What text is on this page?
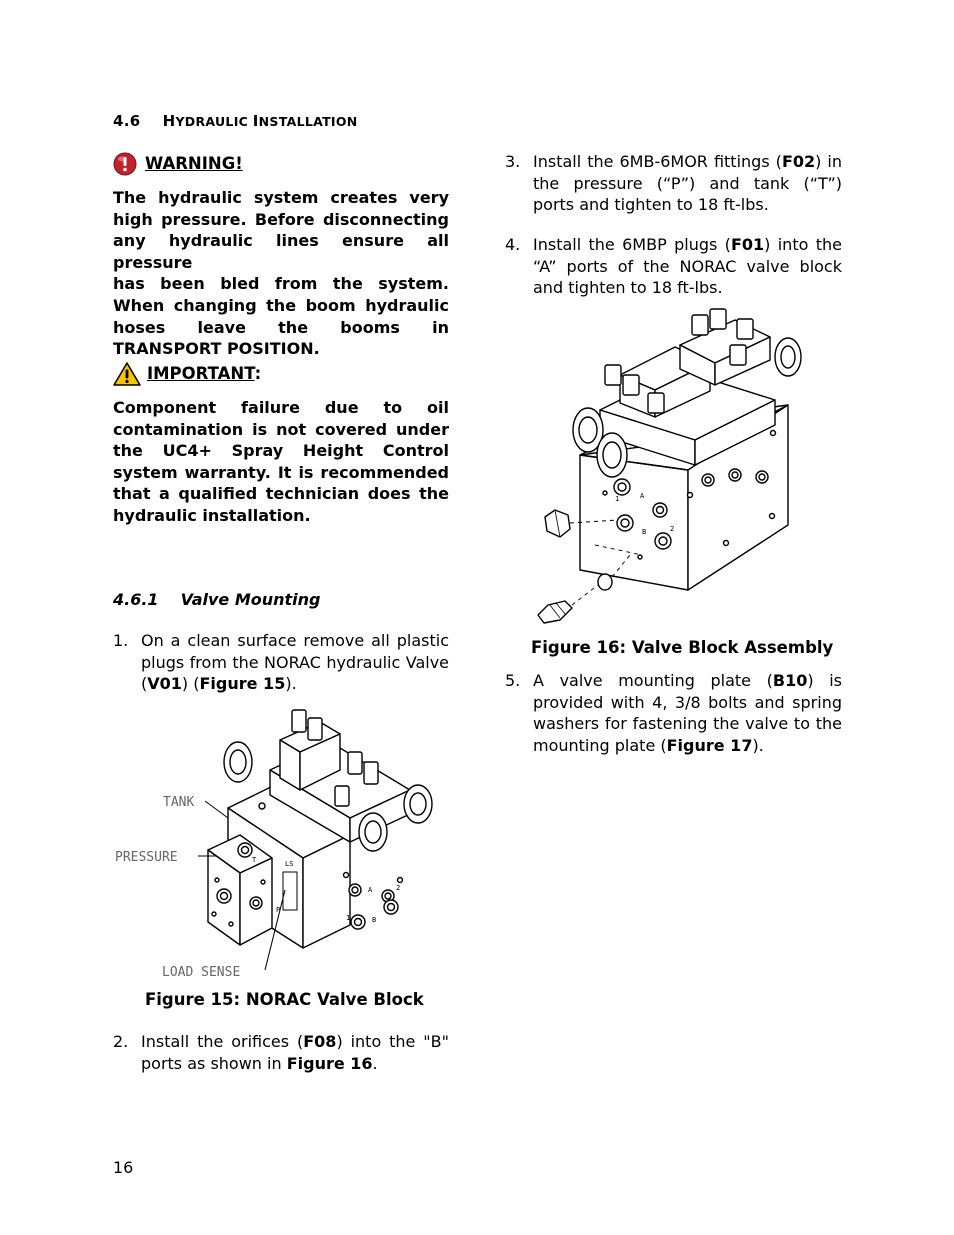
4.6 HYDRAULIC INSTALLATION
WARNING!
The hydraulic system creates very
high pressure. Before disconnecting
any hydraulic lines ensure all pressure
has been bled from the system.
When changing the boom hydraulic
hoses leave the booms in
TRANSPORT POSITION.
IMPORTANT:
Component failure due to oil
contamination is not covered under
the UC4+ Spray Height Control
system warranty. It is recommended
that a qualified technician does the
hydraulic installation.
4.6.1 Valve Mounting
1. On a clean surface remove all plastic plugs from the NORAC hydraulic Valve (V01) (Figure 15).
TANK
PRESSURE
LOAD SENSE
T
P
LS
A
B
1
2
Figure 15: NORAC Valve Block
2. Install the orifices (F08) into the "B" ports as shown in Figure 16.
3. Install the 6MB-6MOR fittings (F02) in the pressure (“P”) and tank (“T”) ports and tighten to 18 ft-lbs.
4. Install the 6MBP plugs (F01) into the “A” ports of the NORAC valve block and tighten to 18 ft-lbs.
A
B
1
2
Figure 16: Valve Block Assembly
5. A valve mounting plate (B10) is provided with 4, 3/8 bolts and spring washers for fastening the valve to the mounting plate (Figure 17).
16
